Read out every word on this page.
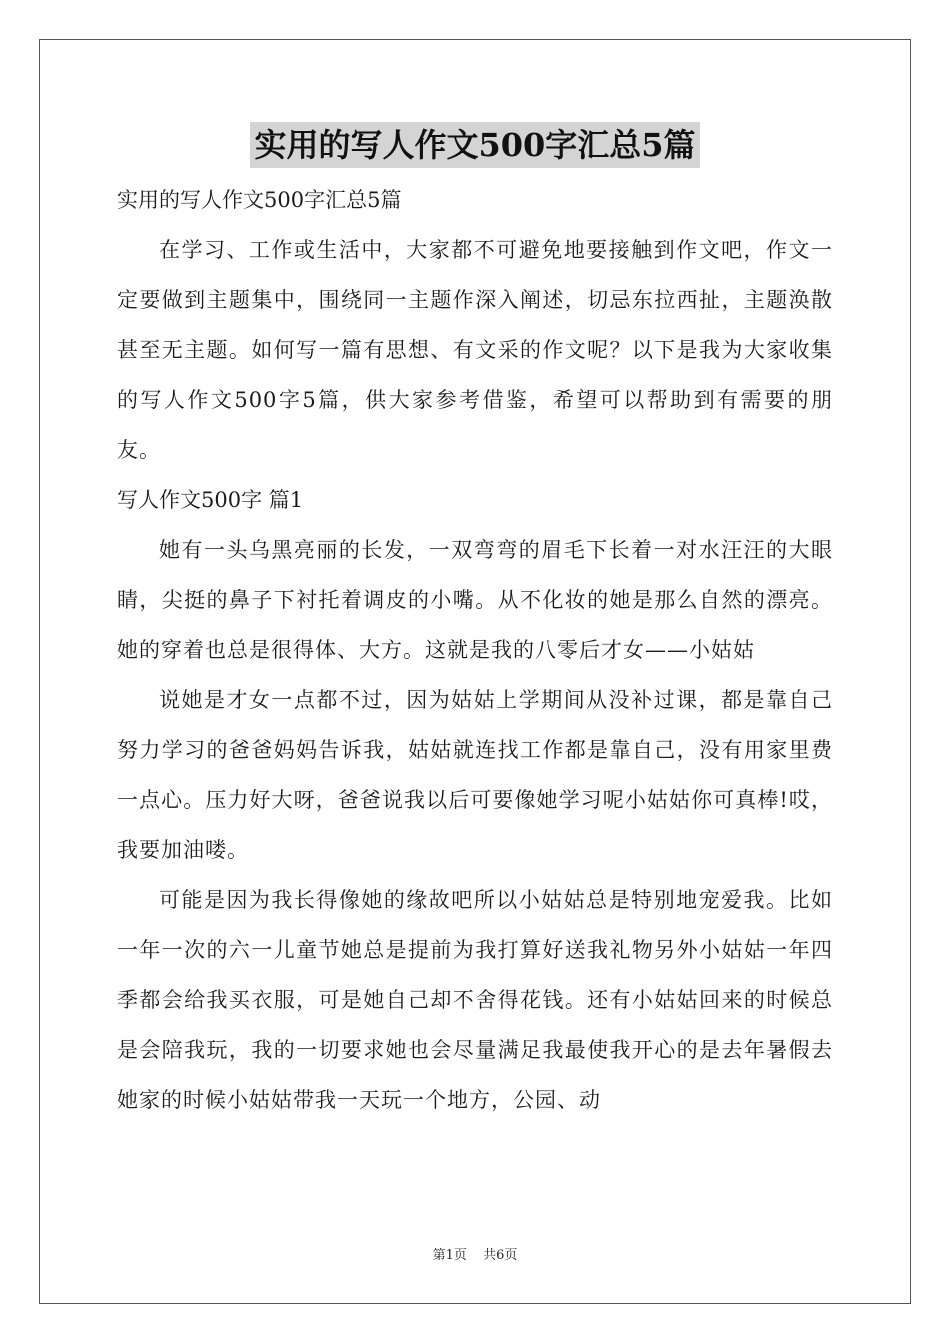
实用的写人作文500字汇总5篇

实用的写人作文500字汇总5篇

在学习、工作或生活中，大家都不可避免地要接触到作文吧，作文一定要做到主题集中，围绕同一主题作深入阐述，切忌东拉西扯，主题涣散甚至无主题。如何写一篇有思想、有文采的作文呢？以下是我为大家收集的写人作文500字5篇，供大家参考借鉴，希望可以帮助到有需要的朋友。

写人作文500字 篇1

她有一头乌黑亮丽的长发，一双弯弯的眉毛下长着一对水汪汪的大眼睛，尖挺的鼻子下衬托着调皮的小嘴。从不化妆的她是那么自然的漂亮。她的穿着也总是很得体、大方。这就是我的八零后才女——小姑姑

说她是才女一点都不过，因为姑姑上学期间从没补过课，都是靠自己努力学习的爸爸妈妈告诉我，姑姑就连找工作都是靠自己，没有用家里费一点心。压力好大呀，爸爸说我以后可要像她学习呢小姑姑你可真棒!哎，我要加油喽。

可能是因为我长得像她的缘故吧所以小姑姑总是特别地宠爱我。比如一年一次的六一儿童节她总是提前为我打算好送我礼物另外小姑姑一年四季都会给我买衣服，可是她自己却不舍得花钱。还有小姑姑回来的时候总是会陪我玩，我的一切要求她也会尽量满足我最使我开心的是去年暑假去她家的时候小姑姑带我一天玩一个地方，公园、动

第1页 共6页
